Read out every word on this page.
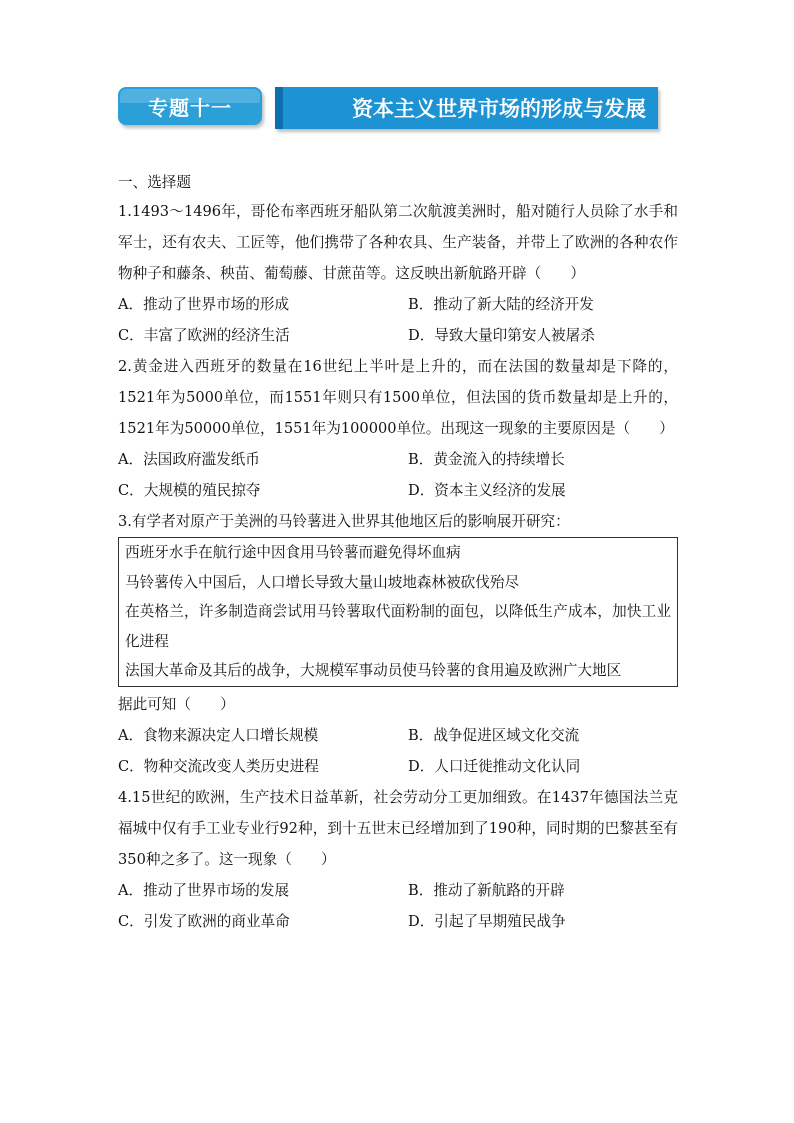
专题十一	资本主义世界市场的形成与发展
一、选择题
1.1493～1496年，哥伦布率西班牙船队第二次航渡美洲时，船对随行人员除了水手和军士，还有农夫、工匠等，他们携带了各种农具、生产装备，并带上了欧洲的各种农作物种子和藤条、秧苗、葡萄藤、甘蔗苗等。这反映出新航路开辟（　　）
A．推动了世界市场的形成	B．推动了新大陆的经济开发
C．丰富了欧洲的经济生活	D．导致大量印第安人被屠杀
2.黄金进入西班牙的数量在16世纪上半叶是上升的，而在法国的数量却是下降的，1521年为5000单位，而1551年则只有1500单位，但法国的货币数量却是上升的，1521年为50000单位，1551年为100000单位。出现这一现象的主要原因是（　　）
A．法国政府滥发纸币	B．黄金流入的持续增长
C．大规模的殖民掠夺	D．资本主义经济的发展
3.有学者对原产于美洲的马铃薯进入世界其他地区后的影响展开研究：
西班牙水手在航行途中因食用马铃薯而避免得坏血病
马铃薯传入中国后，人口增长导致大量山坡地森林被砍伐殆尽
在英格兰，许多制造商尝试用马铃薯取代面粉制的面包，以降低生产成本，加快工业化进程
法国大革命及其后的战争，大规模军事动员使马铃薯的食用遍及欧洲广大地区
据此可知（　　）
A．食物来源决定人口增长规模	B．战争促进区域文化交流
C．物种交流改变人类历史进程	D．人口迁徙推动文化认同
4.15世纪的欧洲，生产技术日益革新，社会劳动分工更加细致。在1437年德国法兰克福城中仅有手工业专业行92种，到十五世末已经增加到了190种，同时期的巴黎甚至有350种之多了。这一现象（　　）
A．推动了世界市场的发展	B．推动了新航路的开辟
C．引发了欧洲的商业革命	D．引起了早期殖民战争
